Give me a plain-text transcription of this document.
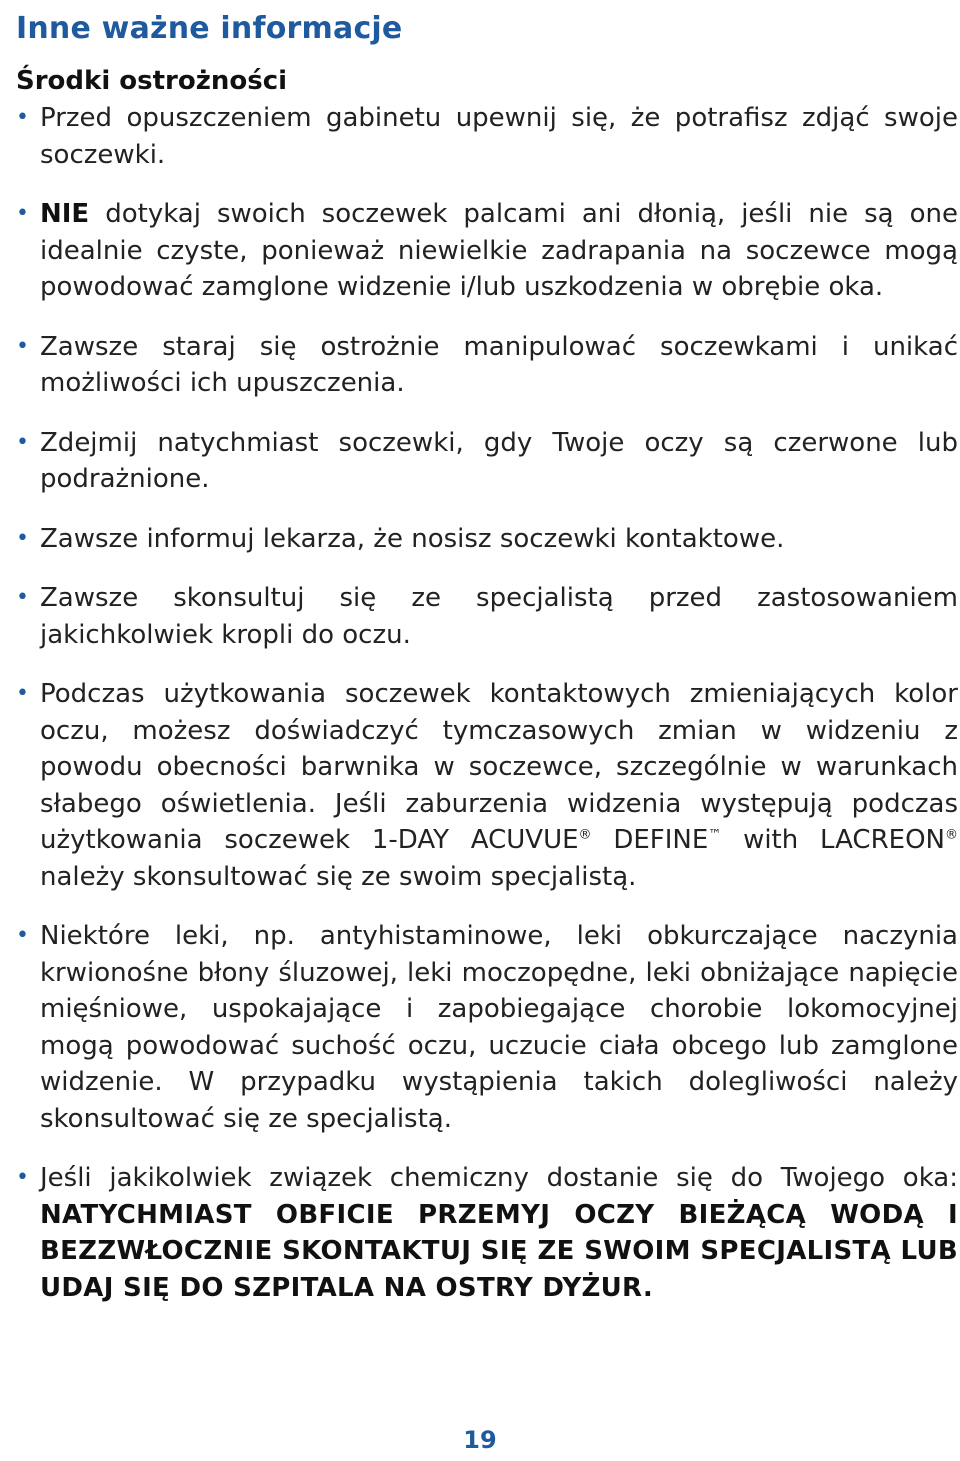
Inne ważne informacje
Środki ostrożności
• Przed opuszczeniem gabinetu upewnij się, że potrafisz zdjąć swoje soczewki.
• NIE dotykaj swoich soczewek palcami ani dłonią, jeśli nie są one idealnie czyste, ponieważ niewielkie zadrapania na soczewce mogą powodować zamglone widzenie i/lub uszkodzenia w obrębie oka.
• Zawsze staraj się ostrożnie manipulować soczewkami i unikać możliwości ich upuszczenia.
• Zdejmij natychmiast soczewki, gdy Twoje oczy są czerwone lub podrażnione.
• Zawsze informuj lekarza, że nosisz soczewki kontaktowe.
• Zawsze skonsultuj się ze specjalistą przed zastosowaniem jakichkolwiek kropli do oczu.
• Podczas użytkowania soczewek kontaktowych zmieniających kolor oczu, możesz doświadczyć tymczasowych zmian w widzeniu z powodu obecności barwnika w soczewce, szczególnie w warunkach słabego oświetlenia. Jeśli zaburzenia widzenia występują podczas użytkowania soczewek 1-DAY ACUVUE® DEFINE™ with LACREON® należy skonsultować się ze swoim specjalistą.
• Niektóre leki, np. antyhistaminowe, leki obkurczające naczynia krwionośne błony śluzowej, leki moczopędne, leki obniżające napięcie mięśniowe, uspokajające i zapobiegające chorobie lokomocyjnej mogą powodować suchość oczu, uczucie ciała obcego lub zamglone widzenie. W przypadku wystąpienia takich dolegliwości należy skonsultować się ze specjalistą.
• Jeśli jakikolwiek związek chemiczny dostanie się do Twojego oka: NATYCHMIAST OBFICIE PRZEMYJ OCZY BIEŻĄCĄ WODĄ I BEZZWŁOCZNIE SKONTAKTUJ SIĘ ZE SWOIM SPECJALISTĄ LUB UDAJ SIĘ DO SZPITALA NA OSTRY DYŻUR.
19
